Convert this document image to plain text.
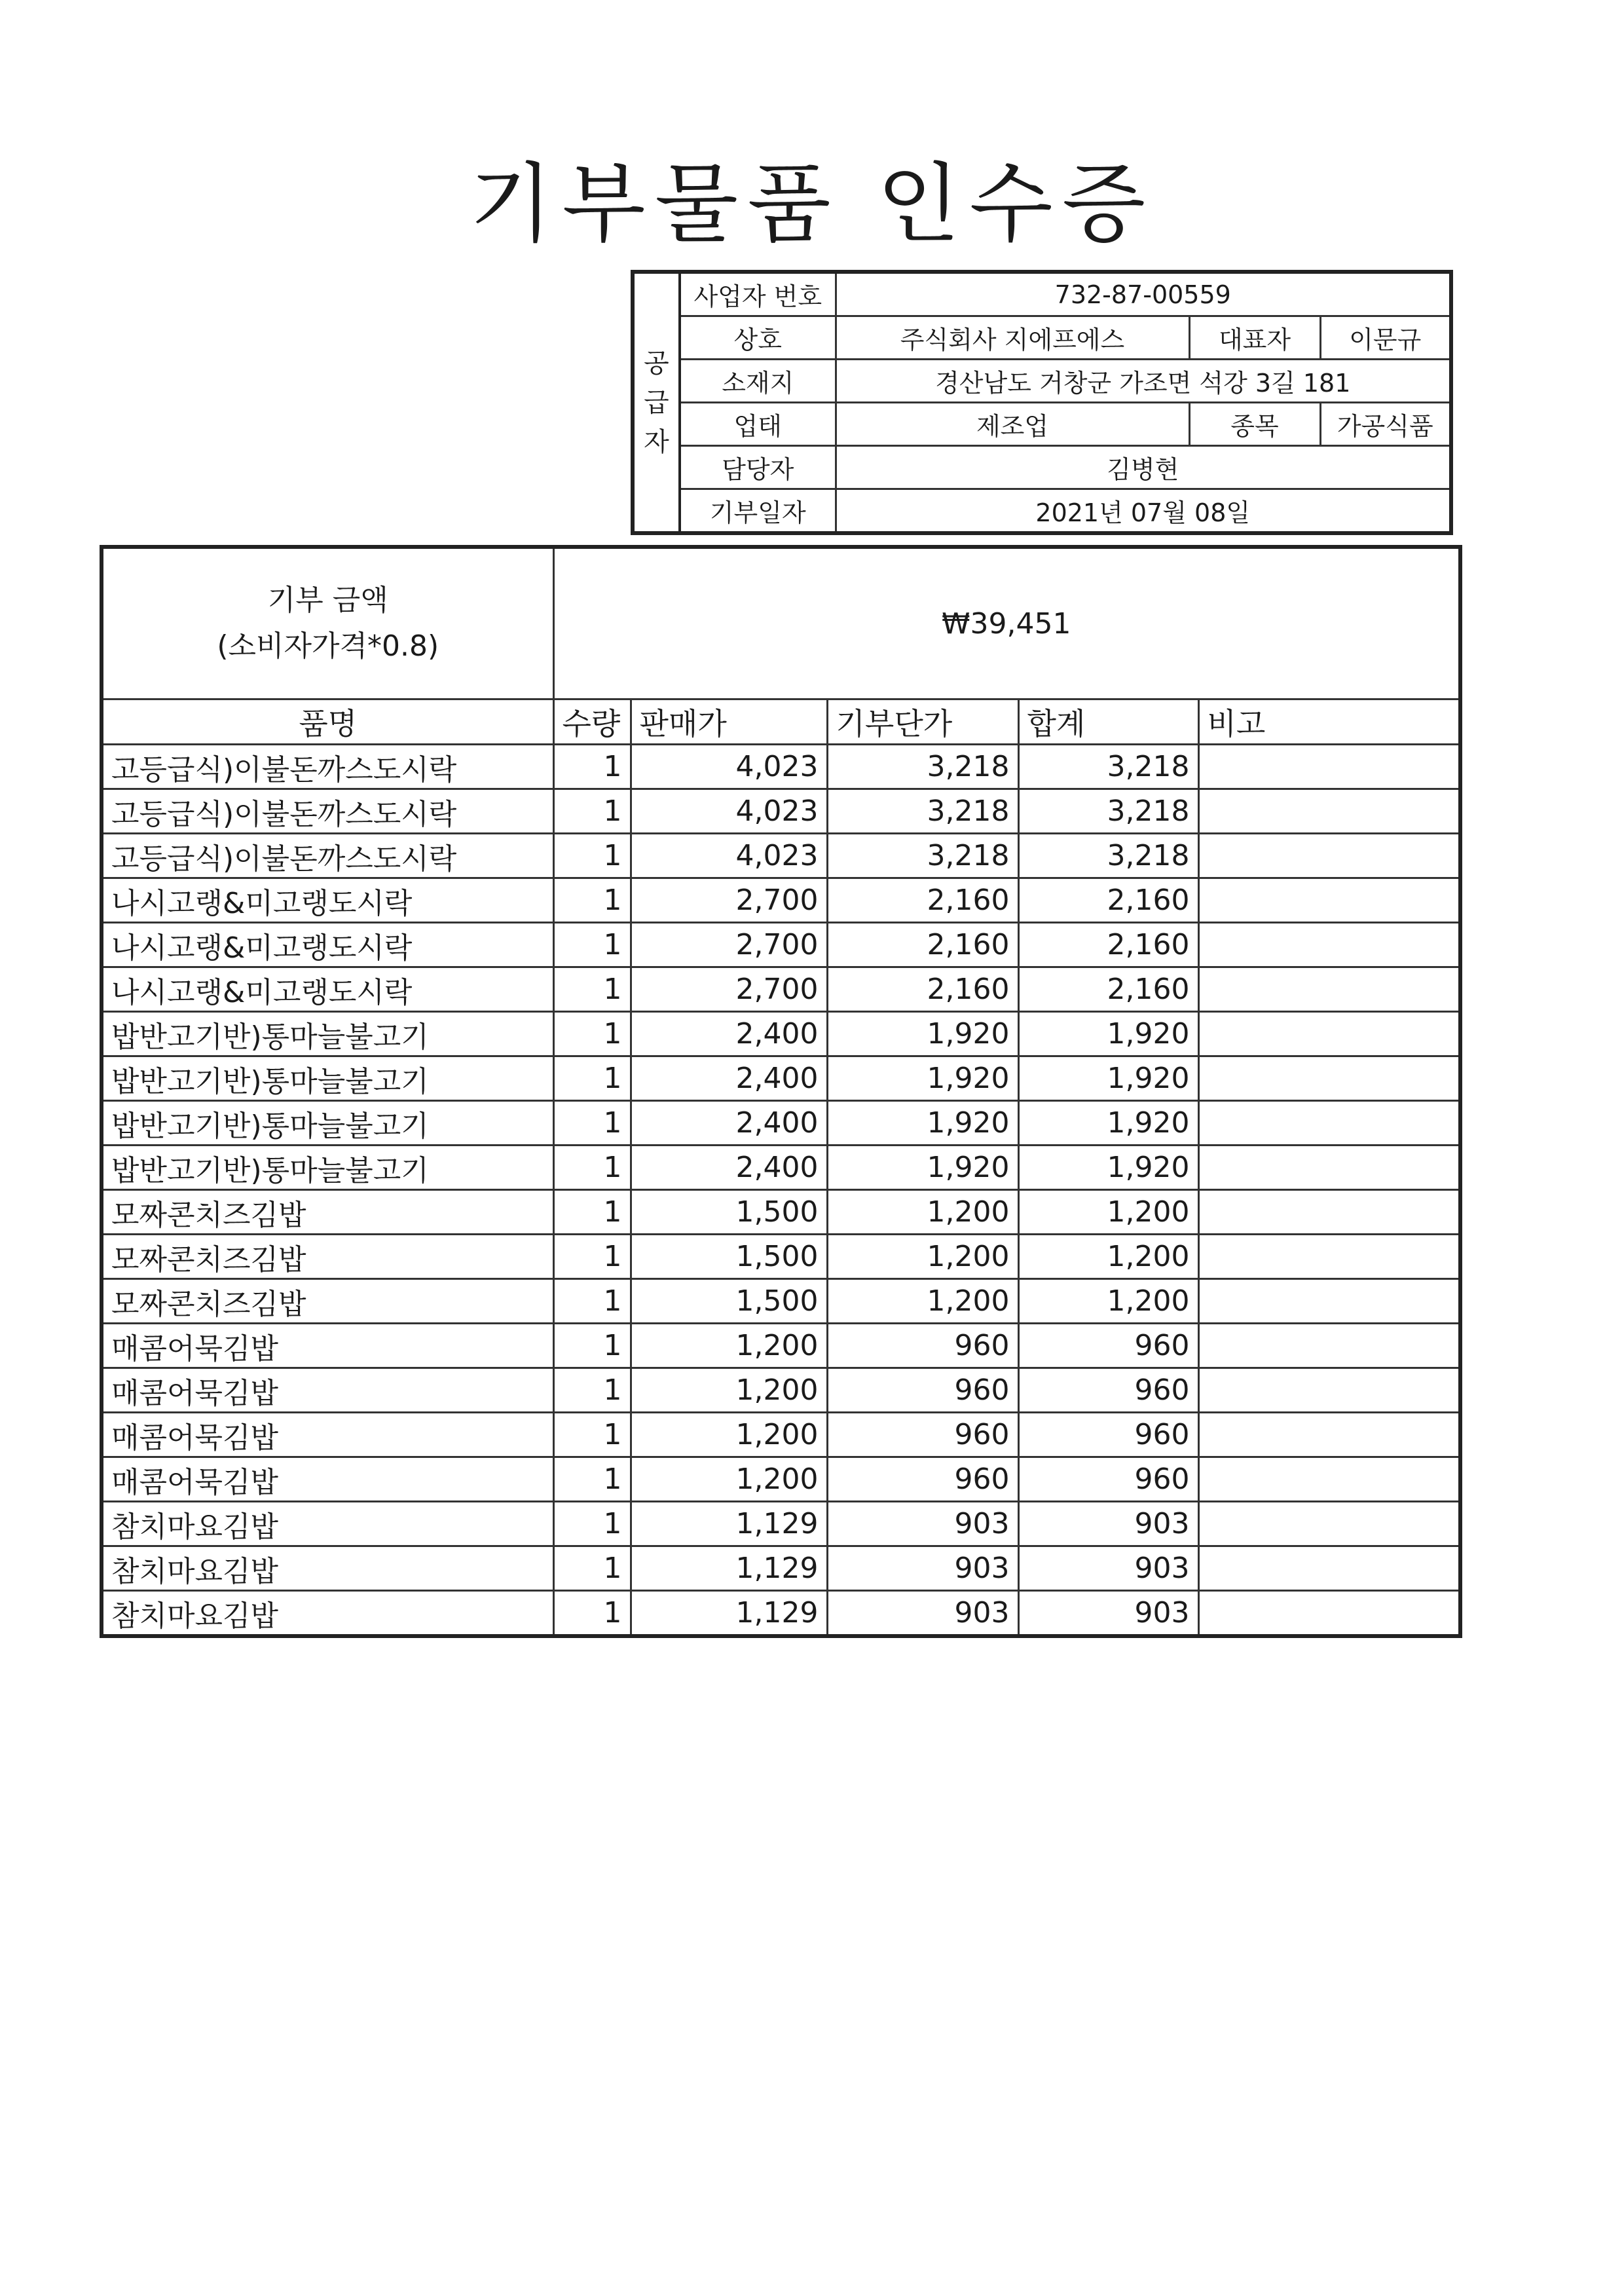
기부물품 인수증
공
급
자	사업자 번호	732-87-00559		
	상호	주식회사 지에프에스	대표자	이문규
	소재지	경산남도 거창군 가조면 석강 3길 181		
	업태	제조업	종목	가공식품
	담당자	김병현		
	기부일자	2021년 07월 08일		
기부 금액
(소비자가격*0.8)	₩39,451				
품명	수량	판매가	기부단가	합계	비고
고등급식)이불돈까스도시락	1	4,023	3,218	3,218	
고등급식)이불돈까스도시락	1	4,023	3,218	3,218	
고등급식)이불돈까스도시락	1	4,023	3,218	3,218	
나시고랭&미고랭도시락	1	2,700	2,160	2,160	
나시고랭&미고랭도시락	1	2,700	2,160	2,160	
나시고랭&미고랭도시락	1	2,700	2,160	2,160	
밥반고기반)통마늘불고기	1	2,400	1,920	1,920	
밥반고기반)통마늘불고기	1	2,400	1,920	1,920	
밥반고기반)통마늘불고기	1	2,400	1,920	1,920	
밥반고기반)통마늘불고기	1	2,400	1,920	1,920	
모짜콘치즈김밥	1	1,500	1,200	1,200	
모짜콘치즈김밥	1	1,500	1,200	1,200	
모짜콘치즈김밥	1	1,500	1,200	1,200	
매콤어묵김밥	1	1,200	960	960	
매콤어묵김밥	1	1,200	960	960	
매콤어묵김밥	1	1,200	960	960	
매콤어묵김밥	1	1,200	960	960	
참치마요김밥	1	1,129	903	903	
참치마요김밥	1	1,129	903	903	
참치마요김밥	1	1,129	903	903	
